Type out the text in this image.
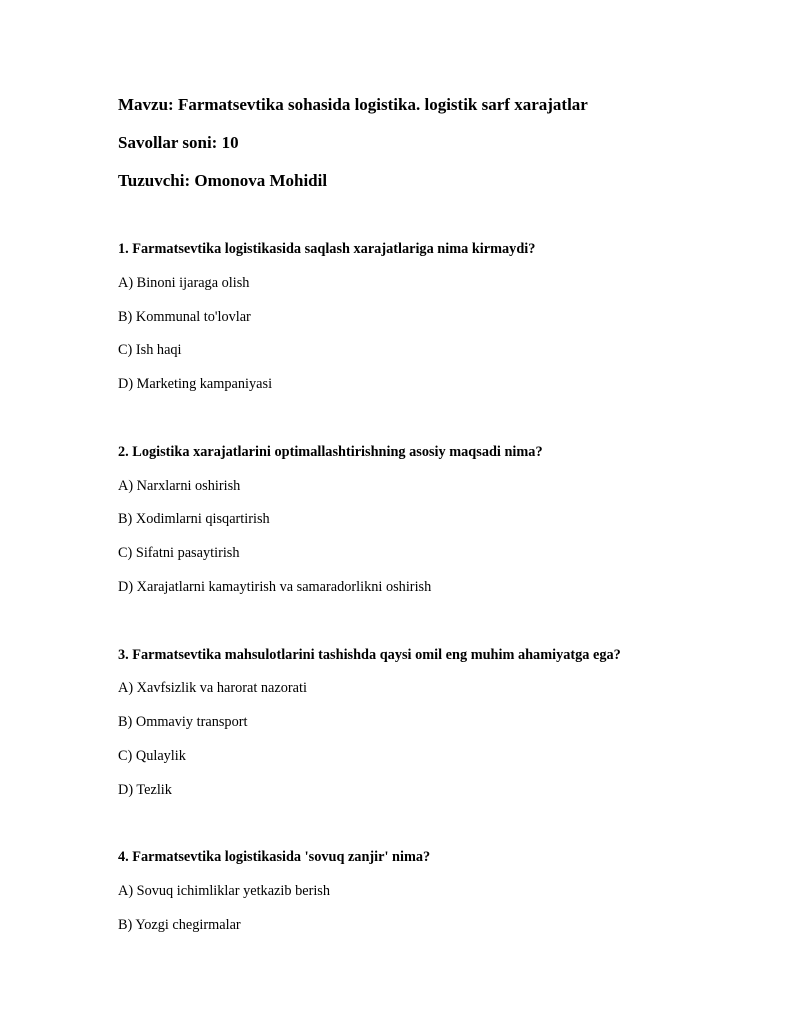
Mavzu: Farmatsevtika sohasida logistika. logistik sarf xarajatlar
Savollar soni: 10
Tuzuvchi: Omonova Mohidil
1. Farmatsevtika logistikasida saqlash xarajatlariga nima kirmaydi?
A) Binoni ijaraga olish
B) Kommunal to'lovlar
C) Ish haqi
D) Marketing kampaniyasi
2. Logistika xarajatlarini optimallashtirishning asosiy maqsadi nima?
A) Narxlarni oshirish
B) Xodimlarni qisqartirish
C) Sifatni pasaytirish
D) Xarajatlarni kamaytirish va samaradorlikni oshirish
3. Farmatsevtika mahsulotlarini tashishda qaysi omil eng muhim ahamiyatga ega?
A) Xavfsizlik va harorat nazorati
B) Ommaviy transport
C) Qulaylik
D) Tezlik
4. Farmatsevtika logistikasida 'sovuq zanjir' nima?
A) Sovuq ichimliklar yetkazib berish
B) Yozgi chegirmalar
